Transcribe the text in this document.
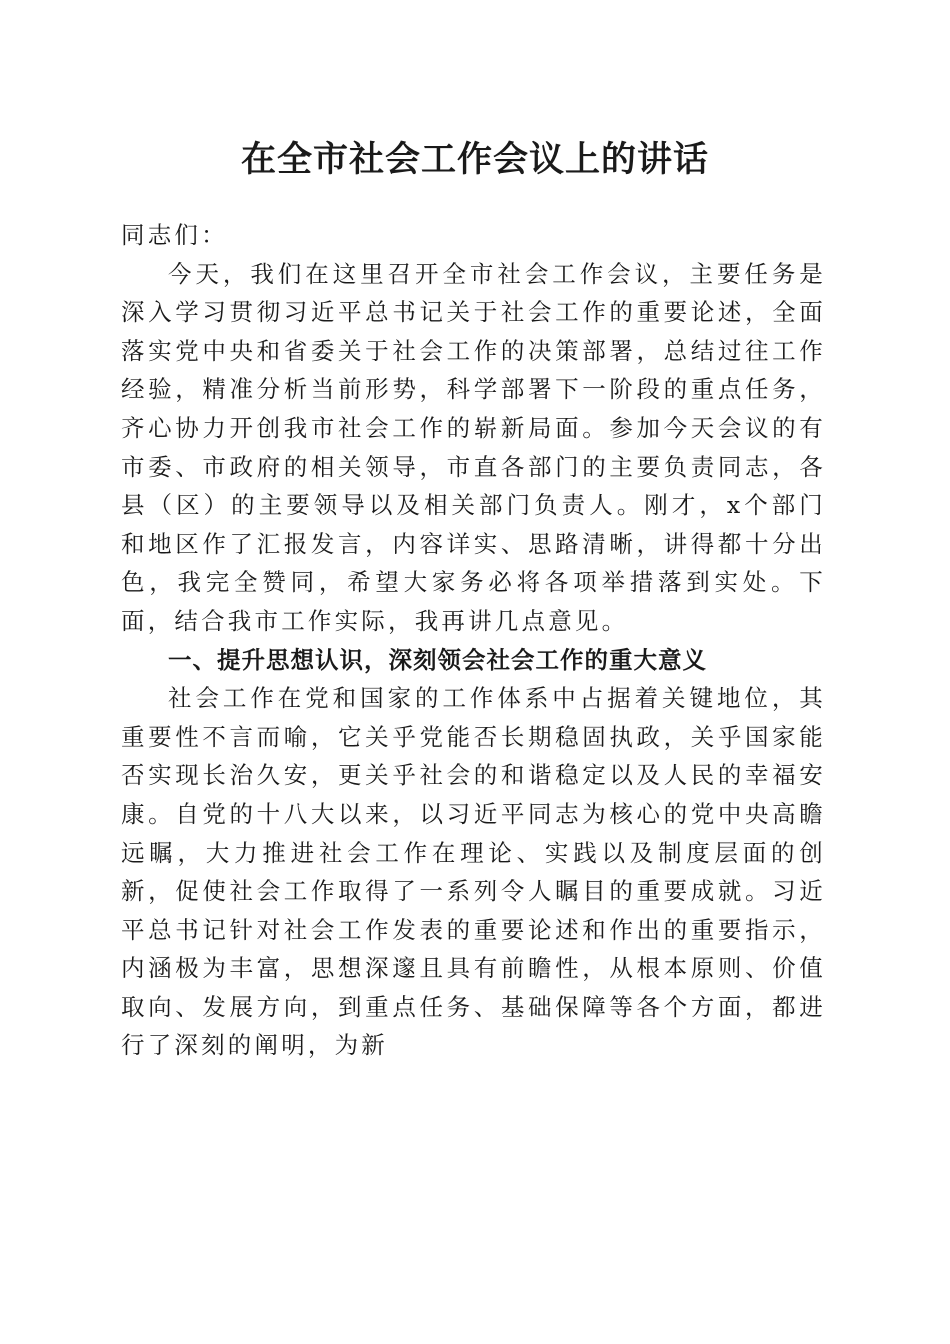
在全市社会工作会议上的讲话

同志们：

今天，我们在这里召开全市社会工作会议，主要任务是深入学习贯彻习近平总书记关于社会工作的重要论述，全面落实党中央和省委关于社会工作的决策部署，总结过往工作经验，精准分析当前形势，科学部署下一阶段的重点任务，齐心协力开创我市社会工作的崭新局面。参加今天会议的有市委、市政府的相关领导，市直各部门的主要负责同志，各县（区）的主要领导以及相关部门负责人。刚才，x个部门和地区作了汇报发言，内容详实、思路清晰，讲得都十分出色，我完全赞同，希望大家务必将各项举措落到实处。下面，结合我市工作实际，我再讲几点意见。

一、提升思想认识，深刻领会社会工作的重大意义

社会工作在党和国家的工作体系中占据着关键地位，其重要性不言而喻，它关乎党能否长期稳固执政，关乎国家能否实现长治久安，更关乎社会的和谐稳定以及人民的幸福安康。自党的十八大以来，以习近平同志为核心的党中央高瞻远瞩，大力推进社会工作在理论、实践以及制度层面的创新，促使社会工作取得了一系列令人瞩目的重要成就。习近平总书记针对社会工作发表的重要论述和作出的重要指示，内涵极为丰富，思想深邃且具有前瞻性，从根本原则、价值取向、发展方向，到重点任务、基础保障等各个方面，都进行了深刻的阐明，为新
